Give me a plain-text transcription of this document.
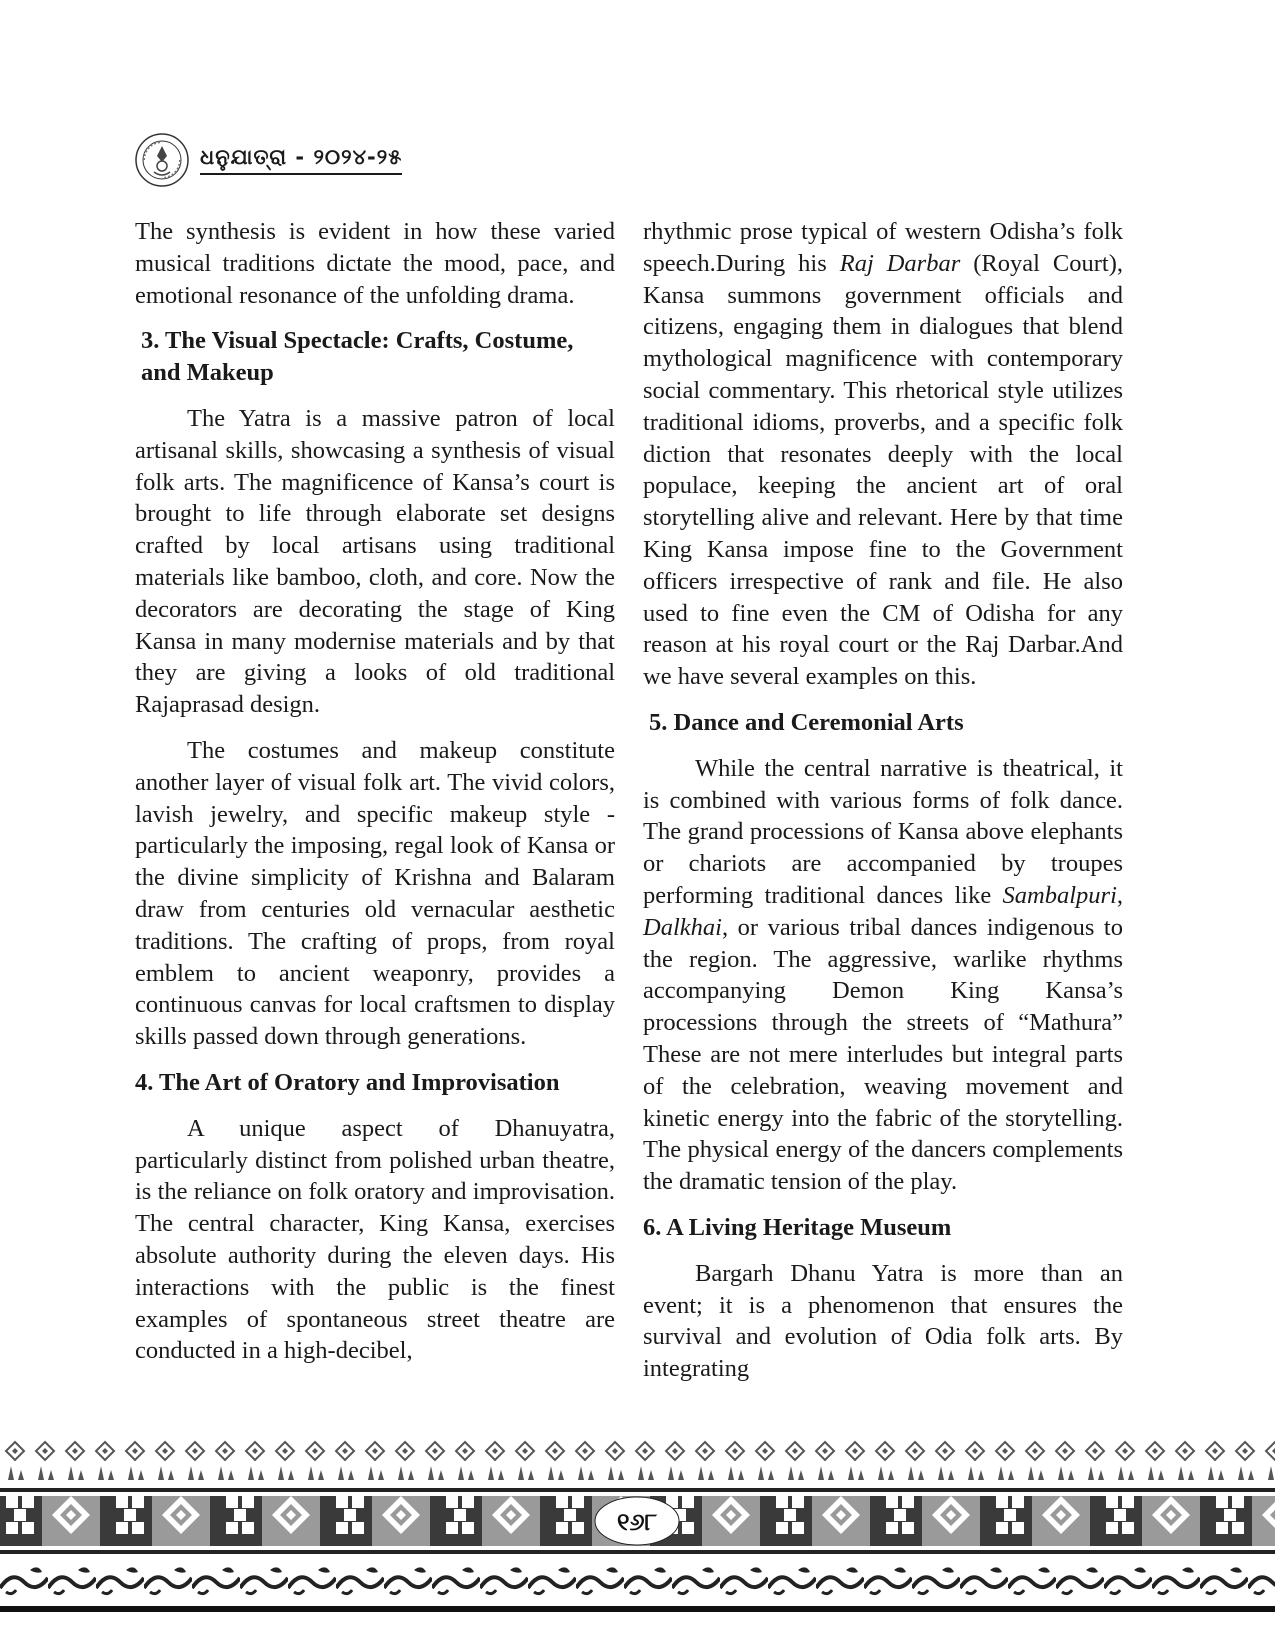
ଧନୁଯାତ୍ରା - ୨୦୨୪-୨୫

The synthesis is evident in how these varied musical traditions dictate the mood, pace, and emotional resonance of the unfolding drama.

3. The Visual Spectacle: Crafts, Costume, and Makeup

The Yatra is a massive patron of local artisanal skills, showcasing a synthesis of visual folk arts. The magnificence of Kansa’s court is brought to life through elaborate set designs crafted by local artisans using traditional materials like bamboo, cloth, and core. Now the decorators are decorating the stage of King Kansa in many modernise materials and by that they are giving a looks of old traditional Rajaprasad design.

The costumes and makeup constitute another layer of visual folk art. The vivid colors, lavish jewelry, and specific makeup style - particularly the imposing, regal look of Kansa or the divine simplicity of Krishna and Balaram draw from centuries old vernacular aesthetic traditions. The crafting of props, from royal emblem to ancient weaponry, provides a continuous canvas for local craftsmen to display skills passed down through generations.

4. The Art of Oratory and Improvisation

A unique aspect of Dhanuyatra, particularly distinct from polished urban theatre, is the reliance on folk oratory and improvisation. The central character, King Kansa, exercises absolute authority during the eleven days. His interactions with the public is the finest examples of spontaneous street theatre are conducted in a high-decibel,

rhythmic prose typical of western Odisha’s folk speech.During his Raj Darbar (Royal Court), Kansa summons government officials and citizens, engaging them in dialogues that blend mythological magnificence with contemporary social commentary. This rhetorical style utilizes traditional idioms, proverbs, and a specific folk diction that resonates deeply with the local populace, keeping the ancient art of oral storytelling alive and relevant. Here by that time King Kansa impose fine to the Government officers irrespective of rank and file. He also used to fine even the CM of Odisha for any reason at his royal court or the Raj Darbar.And we have several examples on this.

5. Dance and Ceremonial Arts

While the central narrative is theatrical, it is combined with various forms of folk dance. The grand processions of Kansa above elephants or chariots are accompanied by troupes performing traditional dances like Sambalpuri, Dalkhai, or various tribal dances indigenous to the region. The aggressive, warlike rhythms accompanying Demon King Kansa’s processions through the streets of “Mathura” These are not mere interludes but integral parts of the celebration, weaving movement and kinetic energy into the fabric of the storytelling. The physical energy of the dancers complements the dramatic tension of the play.

6. A Living Heritage Museum

Bargarh Dhanu Yatra is more than an event; it is a phenomenon that ensures the survival and evolution of Odia folk arts. By integrating

୧୬୮
